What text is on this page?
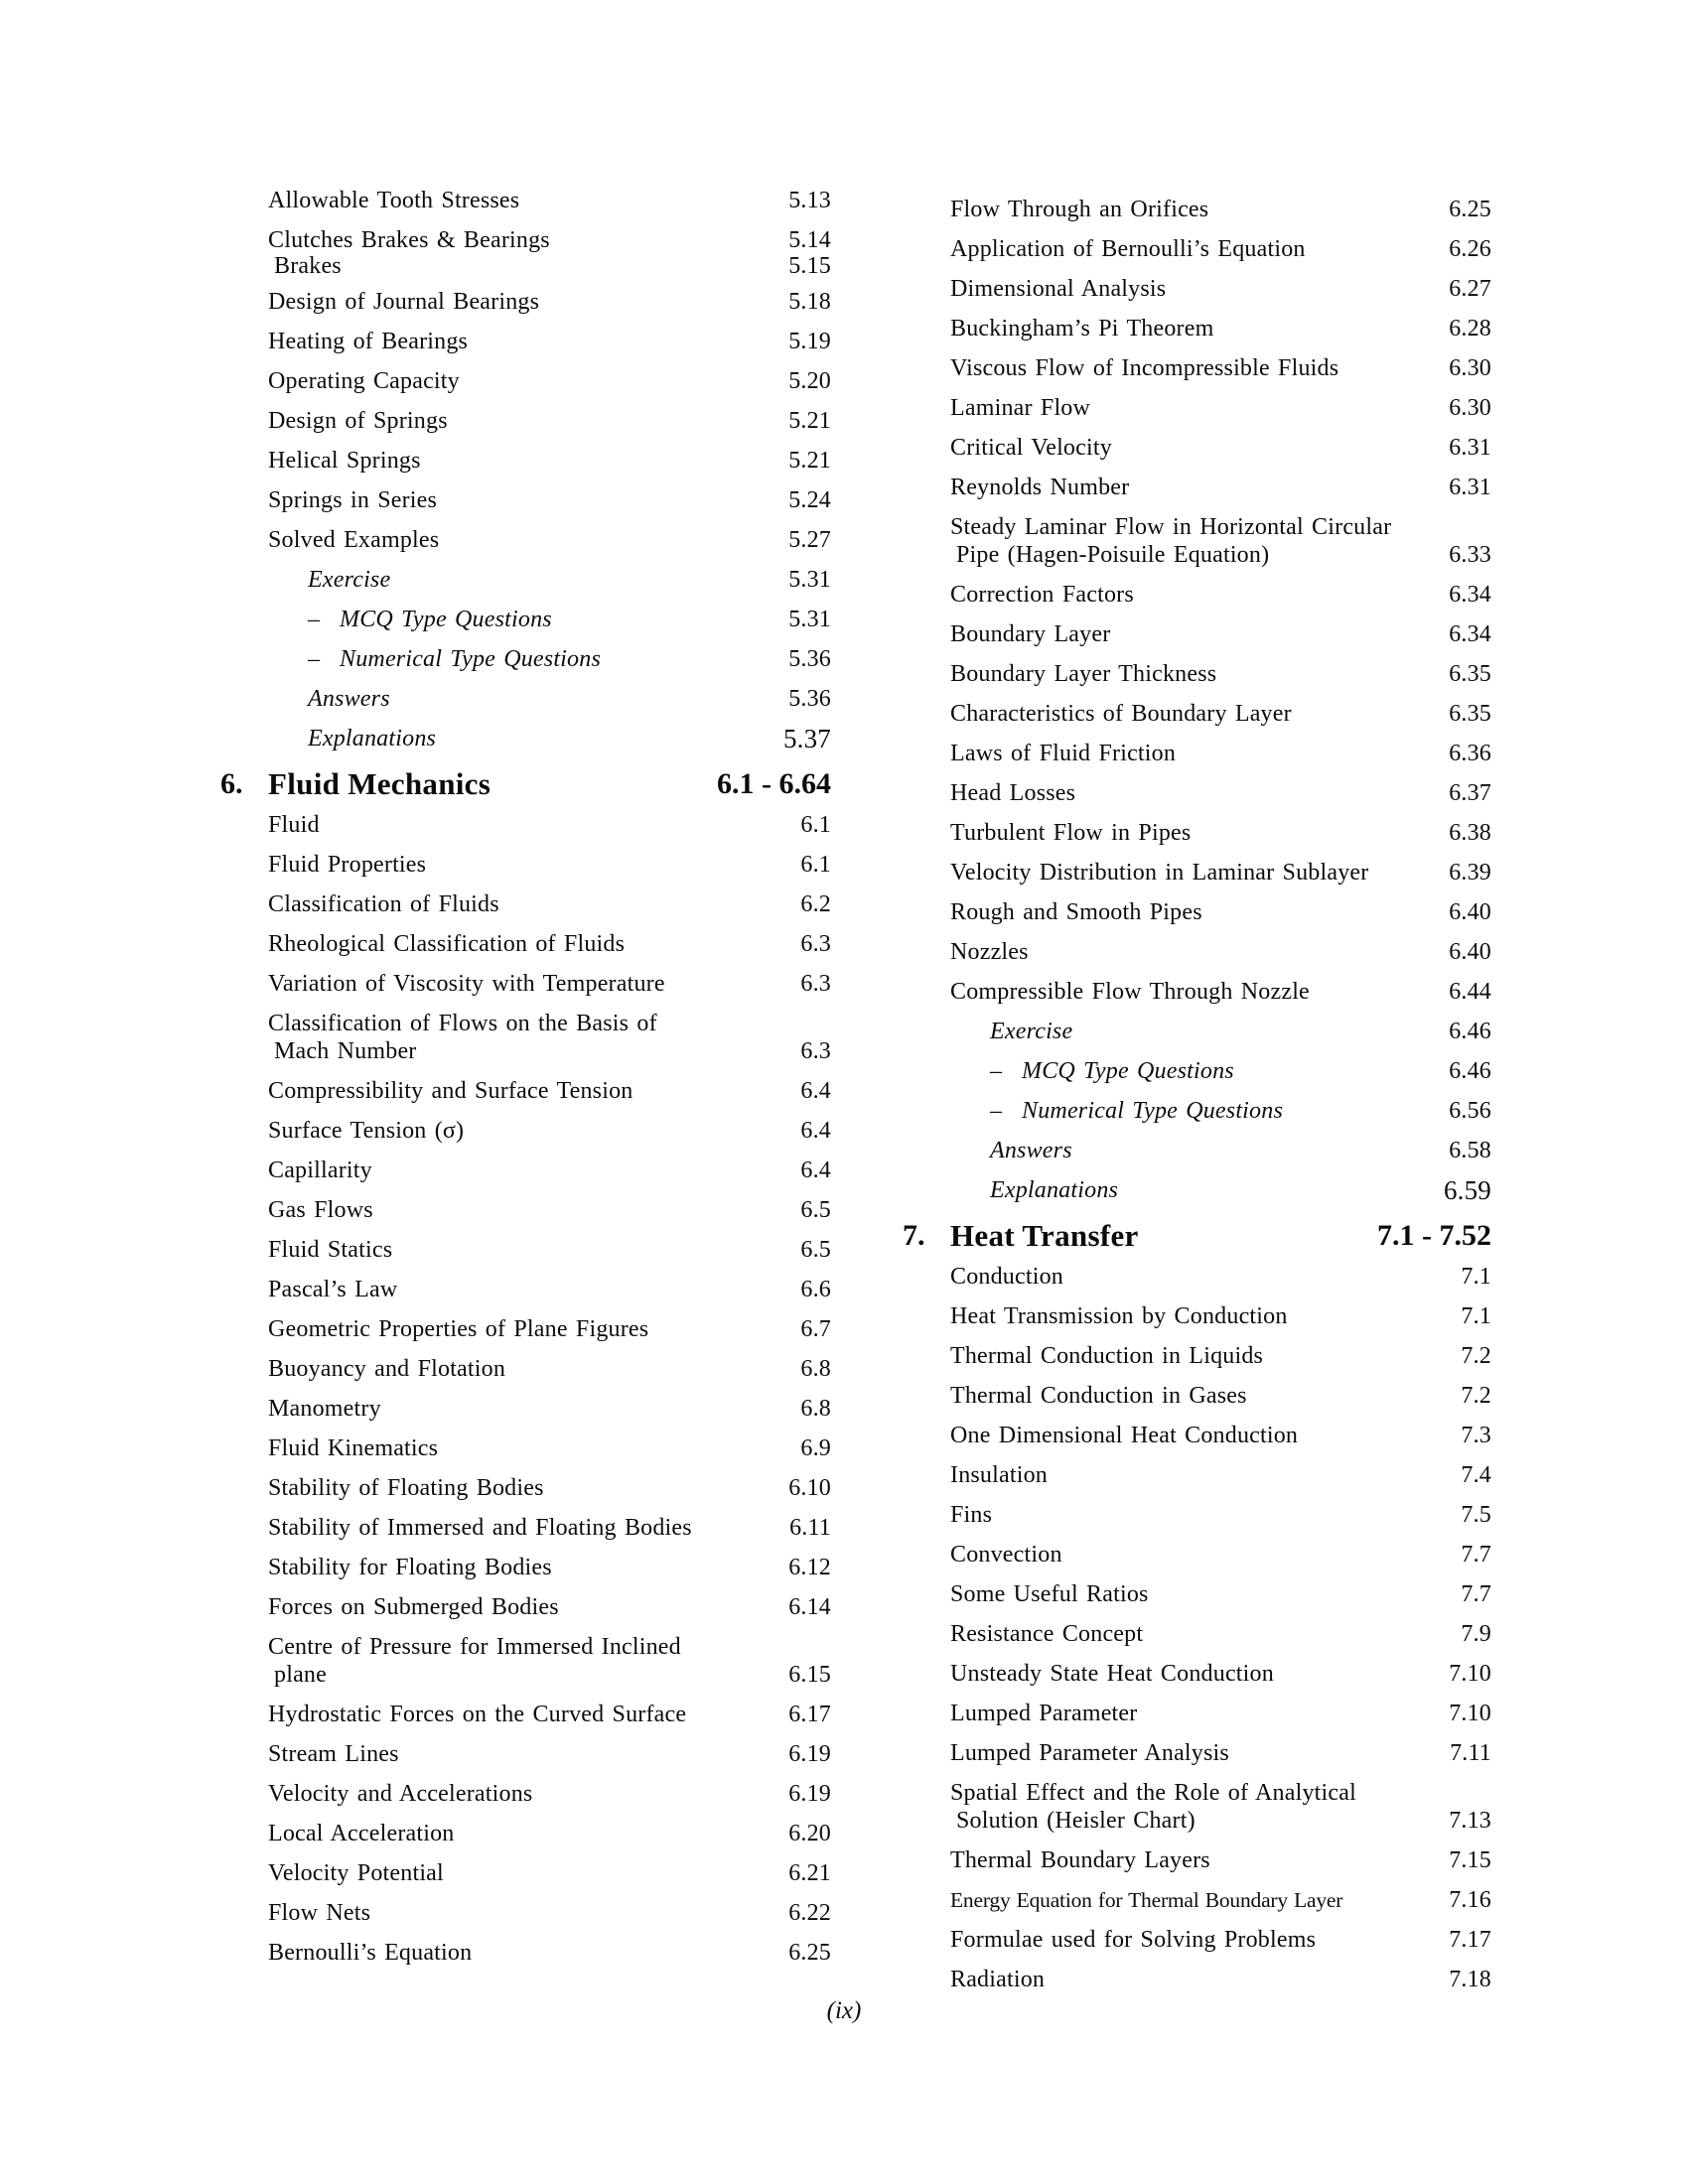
Allowable Tooth Stresses	5.13
Clutches Brakes & Bearings	5.14
Brakes	5.15
Design of Journal Bearings	5.18
Heating of Bearings	5.19
Operating Capacity	5.20
Design of Springs	5.21
Helical Springs	5.21
Springs in Series	5.24
Solved Examples	5.27
Exercise	5.31
– MCQ Type Questions	5.31
– Numerical Type Questions	5.36
Answers	5.36
Explanations	5.37
6. Fluid Mechanics	6.1 - 6.64
Fluid	6.1
Fluid Properties	6.1
Classification of Fluids	6.2
Rheological Classification of Fluids	6.3
Variation of Viscosity with Temperature	6.3
Classification of Flows on the Basis of
Mach Number	6.3
Compressibility and Surface Tension	6.4
Surface Tension (σ)	6.4
Capillarity	6.4
Gas Flows	6.5
Fluid Statics	6.5
Pascal’s Law	6.6
Geometric Properties of Plane Figures	6.7
Buoyancy and Flotation	6.8
Manometry	6.8
Fluid Kinematics	6.9
Stability of Floating Bodies	6.10
Stability of Immersed and Floating Bodies	6.11
Stability for Floating Bodies	6.12
Forces on Submerged Bodies	6.14
Centre of Pressure for Immersed Inclined
plane	6.15
Hydrostatic Forces on the Curved Surface	6.17
Stream Lines	6.19
Velocity and Accelerations	6.19
Local Acceleration	6.20
Velocity Potential	6.21
Flow Nets	6.22
Bernoulli’s Equation	6.25
Flow Through an Orifices	6.25
Application of Bernoulli’s Equation	6.26
Dimensional Analysis	6.27
Buckingham’s Pi Theorem	6.28
Viscous Flow of Incompressible Fluids	6.30
Laminar Flow	6.30
Critical Velocity	6.31
Reynolds Number	6.31
Steady Laminar Flow in Horizontal Circular
Pipe (Hagen-Poisuile Equation)	6.33
Correction Factors	6.34
Boundary Layer	6.34
Boundary Layer Thickness	6.35
Characteristics of Boundary Layer	6.35
Laws of Fluid Friction	6.36
Head Losses	6.37
Turbulent Flow in Pipes	6.38
Velocity Distribution in Laminar Sublayer	6.39
Rough and Smooth Pipes	6.40
Nozzles	6.40
Compressible Flow Through Nozzle	6.44
Exercise	6.46
– MCQ Type Questions	6.46
– Numerical Type Questions	6.56
Answers	6.58
Explanations	6.59
7. Heat Transfer	7.1 - 7.52
Conduction	7.1
Heat Transmission by Conduction	7.1
Thermal Conduction in Liquids	7.2
Thermal Conduction in Gases	7.2
One Dimensional Heat Conduction	7.3
Insulation	7.4
Fins	7.5
Convection	7.7
Some Useful Ratios	7.7
Resistance Concept	7.9
Unsteady State Heat Conduction	7.10
Lumped Parameter	7.10
Lumped Parameter Analysis	7.11
Spatial Effect and the Role of Analytical
Solution (Heisler Chart)	7.13
Thermal Boundary Layers	7.15
Energy Equation for Thermal Boundary Layer	7.16
Formulae used for Solving Problems	7.17
Radiation	7.18
(ix)
